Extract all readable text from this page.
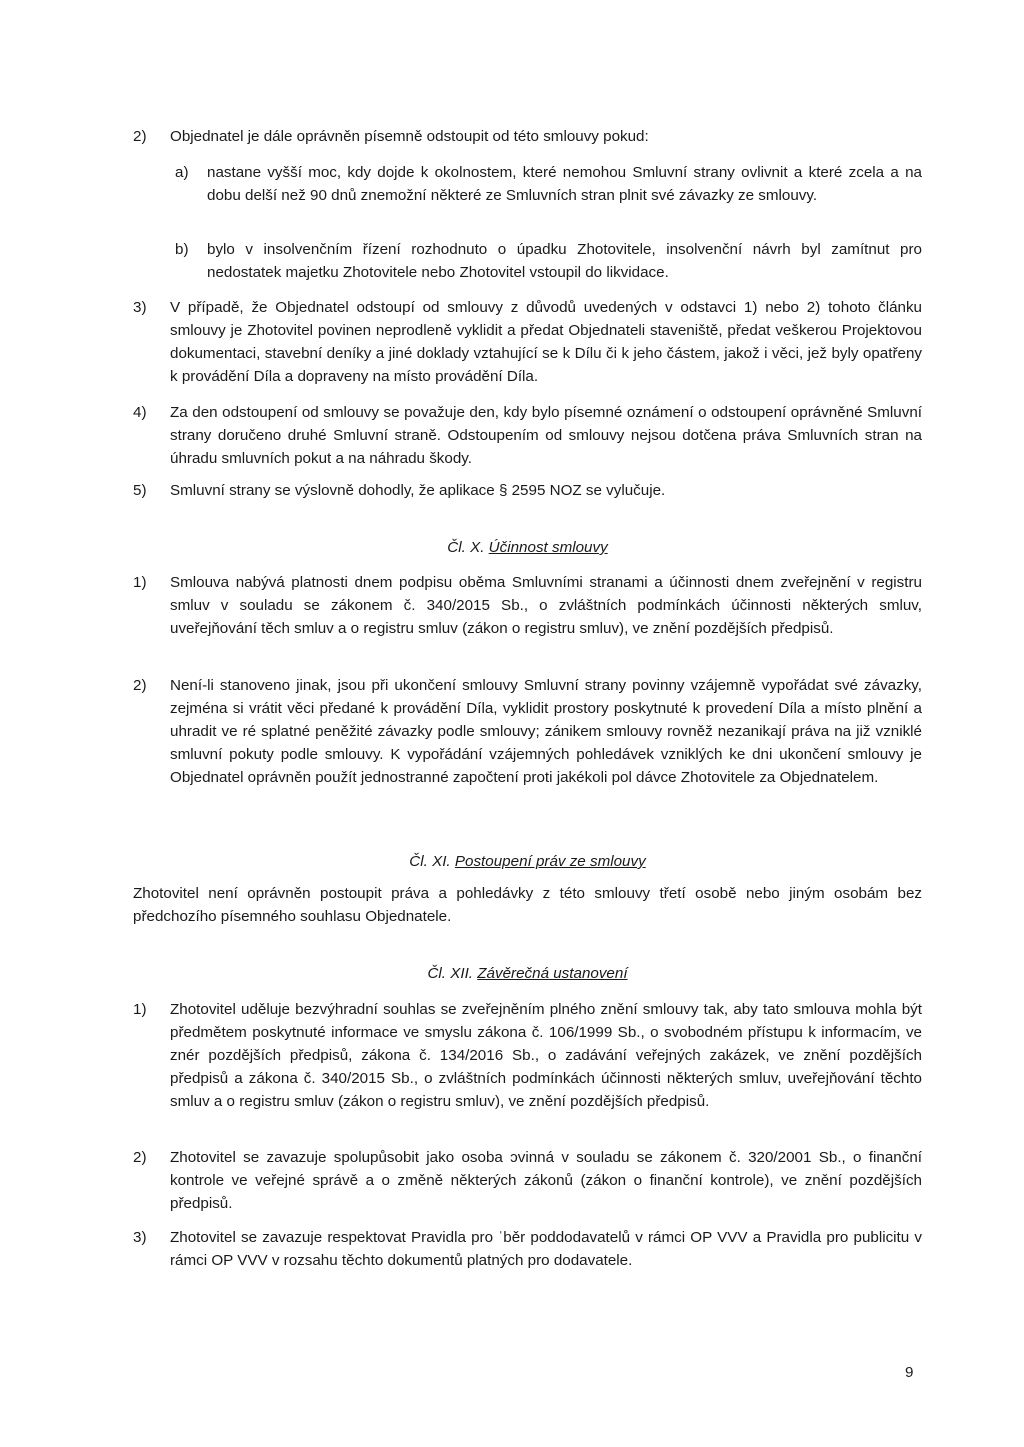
2) Objednatel je dále oprávněn písemně odstoupit od této smlouvy pokud:
a) nastane vyšší moc, kdy dojde k okolnostem, které nemohou Smluvní strany ovlivnit a které zcela a na dobu delší než 90 dnů znemožní některé ze Smluvních stran plnit své závazky ze smlouvy.
b) bylo v insolvenčním řízení rozhodnuto o úpadku Zhotovitele, insolvenční návrh byl zamítnut pro nedostatek majetku Zhotovitele nebo Zhotovitel vstoupil do likvidace.
3) V případě, že Objednatel odstoupí od smlouvy z důvodů uvedených v odstavci 1) nebo 2) tohoto článku smlouvy je Zhotovitel povinen neprodleně vyklidit a předat Objednateli staveniště, předat veškerou Projektovou dokumentaci, stavební deníky a jiné doklady vztahující se k Dílu či k jeho částem, jakož i věci, jež byly opatřeny k provádění Díla a dopraveny na místo provádění Díla.
4) Za den odstoupení od smlouvy se považuje den, kdy bylo písemné oznámení o odstoupení oprávněné Smluvní strany doručeno druhé Smluvní straně. Odstoupením od smlouvy nejsou dotčena práva Smluvních stran na úhradu smluvních pokut a na náhradu škody.
5) Smluvní strany se výslovně dohodly, že aplikace § 2595 NOZ se vylučuje.
Čl. X. Účinnost smlouvy
1) Smlouva nabývá platnosti dnem podpisu oběma Smluvními stranami a účinnosti dnem zveřejnění v registru smluv v souladu se zákonem č. 340/2015 Sb., o zvláštních podmínkách účinnosti některých smluv, uveřejňování těch smluv a o registru smluv (zákon o registru smluv), ve znění pozdějších předpisů.
2) Není-li stanoveno jinak, jsou při ukončení smlouvy Smluvní strany povinny vzájemně vypořádat své závazky, zejména si vrátit věci předané k provádění Díla, vyklidit prostory poskytnuté k provedení Díla a místo plnění a uhradit ve ré splatné peněžité závazky podle smlouvy; zánikem smlouvy rovněž nezanikají práva na již vzniklé smluvní pokuty podle smlouvy. K vypořádání vzájemných pohledávek vzniklých ke dni ukončení smlouvy je Objednatel oprávněn použít jednostranné započtení proti jakékoli pol dávce Zhotovitele za Objednatelem.
Čl. XI. Postoupení práv ze smlouvy
Zhotovitel není oprávněn postoupit práva a pohledávky z této smlouvy třetí osobě nebo jiným osobám bez předchozího písemného souhlasu Objednatele.
Čl. XII. Závěrečná ustanovení
1) Zhotovitel uděluje bezvýhradní souhlas se zveřejněním plného znění smlouvy tak, aby tato smlouva mohla být předmětem poskytnuté informace ve smyslu zákona č. 106/1999 Sb., o svobodném přístupu k informacím, ve znér pozdějších předpisů, zákona č. 134/2016 Sb., o zadávání veřejných zakázek, ve znění pozdějších předpisů a zákona č. 340/2015 Sb., o zvláštních podmínkách účinnosti některých smluv, uveřejňování těchto smluv a o registru smluv (zákon o registru smluv), ve znění pozdějších předpisů.
2) Zhotovitel se zavazuje spolupůsobit jako osoba ɔvinná v souladu se zákonem č. 320/2001 Sb., o finanční kontrole ve veřejné správě a o změně některých zákonů (zákon o finanční kontrole), ve znění pozdějších předpisů.
3) Zhotovitel se zavazuje respektovat Pravidla pro ˈběr poddodavatelů v rámci OP VVV a Pravidla pro publicitu v rámci OP VVV v rozsahu těchto dokumentů platných pro dodavatele.
9
